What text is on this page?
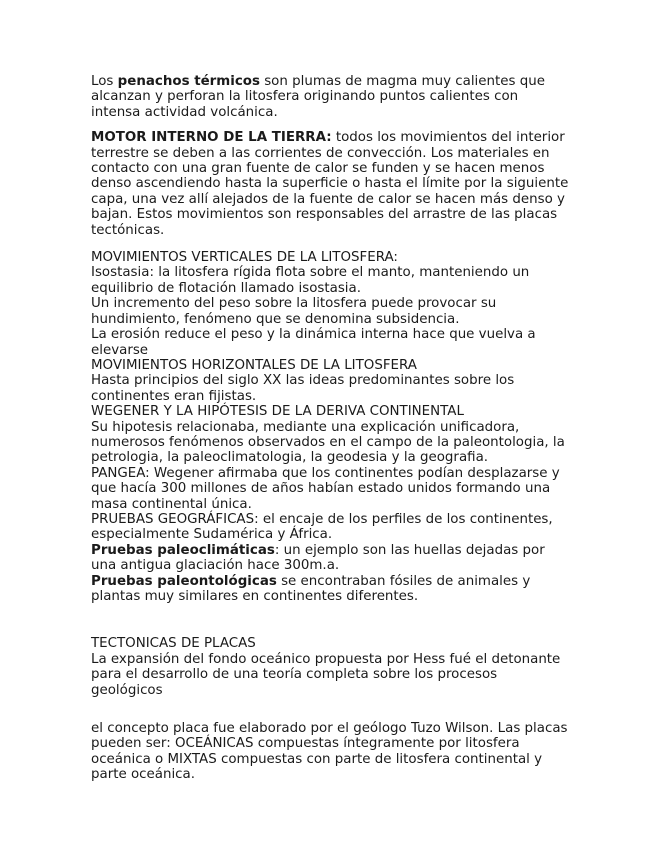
Los penachos térmicos son plumas de magma muy calientes que alcanzan y perforan la litosfera originando puntos calientes con intensa actividad volcánica.

MOTOR INTERNO DE LA TIERRA: todos los movimientos del interior terrestre se deben a las corrientes de convección. Los materiales en contacto con una gran fuente de calor se funden y se hacen menos denso ascendiendo hasta la superficie o hasta el límite por la siguiente capa, una vez allí alejados de la fuente de calor se hacen más denso y bajan. Estos movimientos son responsables del arrastre de las placas tectónicas.

MOVIMIENTOS VERTICALES DE LA LITOSFERA:

Isostasia: la litosfera rígida flota sobre el manto, manteniendo un equilibrio de flotación llamado isostasia.

Un incremento del peso sobre la litosfera puede provocar su hundimiento, fenómeno que se denomina subsidencia.

La erosión reduce el peso y la dinámica interna hace que vuelva a elevarse

MOVIMIENTOS HORIZONTALES DE LA LITOSFERA

Hasta principios del siglo XX las ideas predominantes sobre los continentes eran fijistas.

WEGENER Y LA HIPÓTESIS DE LA DERIVA CONTINENTAL

Su hipotesis relacionaba, mediante una explicación unificadora, numerosos fenómenos observados en el campo de la paleontologia, la petrologia, la paleoclimatologia, la geodesia y la geografia.

PANGEA: Wegener afirmaba que los continentes podían desplazarse y que hacía 300 millones de años habían estado unidos formando una masa continental única.

PRUEBAS GEOGRÁFICAS: el encaje de los perfiles de los continentes, especialmente Sudamérica y África.

Pruebas paleoclimáticas: un ejemplo son las huellas dejadas por una antigua glaciación hace 300m.a.

Pruebas paleontológicas se encontraban fósiles de animales y plantas muy similares en continentes diferentes.

TECTONICAS DE PLACAS

La expansión del fondo oceánico propuesta por Hess fué el detonante para el desarrollo de una teoría completa sobre los procesos geológicos

el concepto placa fue elaborado por el geólogo Tuzo Wilson. Las placas pueden ser: OCEÁNICAS compuestas íntegramente por litosfera oceánica o MIXTAS compuestas con parte de litosfera continental y parte oceánica.
